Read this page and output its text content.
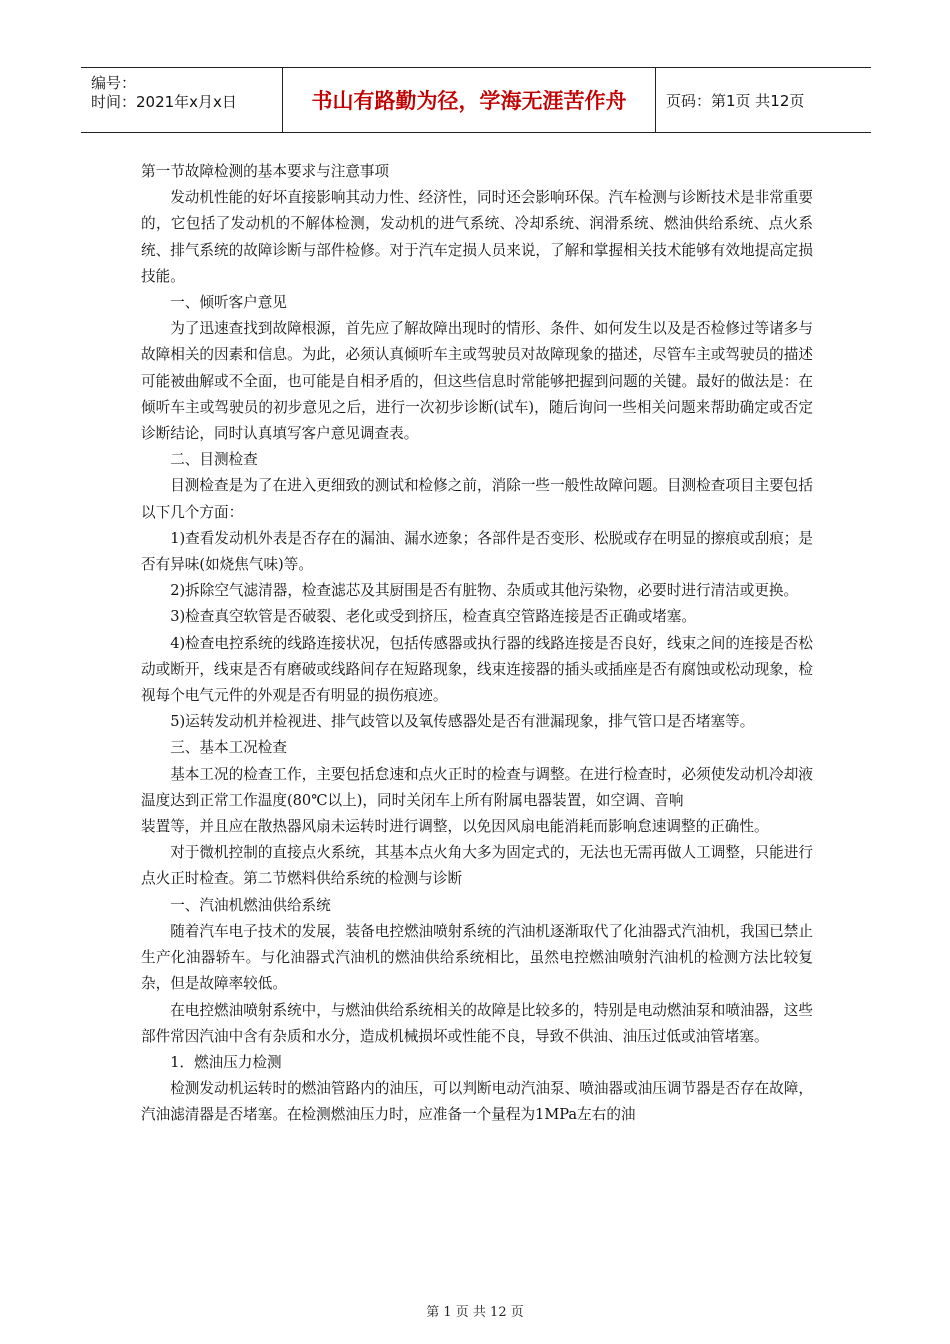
编号：
时间：2021年x月x日	书山有路勤为径，学海无涯苦作舟	页码：第1页 共12页

第一节故障检测的基本要求与注意事项

发动机性能的好坏直接影响其动力性、经济性，同时还会影响环保。汽车检测与诊断技术是非常重要的，它包括了发动机的不解体检测，发动机的进气系统、冷却系统、润滑系统、燃油供给系统、点火系统、排气系统的故障诊断与部件检修。对于汽车定损人员来说，了解和掌握相关技术能够有效地提高定损技能。

一、倾听客户意见

为了迅速查找到故障根源，首先应了解故障出现时的情形、条件、如何发生以及是否检修过等诸多与故障相关的因素和信息。为此，必须认真倾听车主或驾驶员对故障现象的描述，尽管车主或驾驶员的描述可能被曲解或不全面，也可能是自相矛盾的，但这些信息时常能够把握到问题的关键。最好的做法是：在倾听车主或驾驶员的初步意见之后，进行一次初步诊断(试车)，随后询问一些相关问题来帮助确定或否定诊断结论，同时认真填写客户意见调查表。

二、目测检查

目测检查是为了在进入更细致的测试和检修之前，消除一些一般性故障问题。目测检查项目主要包括以下几个方面：

1)查看发动机外表是否存在的漏油、漏水迹象；各部件是否变形、松脱或存在明显的擦痕或刮痕；是否有异味(如烧焦气味)等。

2)拆除空气滤清器，检查滤芯及其厨围是否有脏物、杂质或其他污染物，必要时进行清洁或更换。

3)检查真空软管是否破裂、老化或受到挤压，检查真空管路连接是否正确或堵塞。

4)检查电控系统的线路连接状况，包括传感器或执行器的线路连接是否良好，线束之间的连接是否松动或断开，线束是否有磨破或线路间存在短路现象，线束连接器的插头或插座是否有腐蚀或松动现象，检视每个电气元件的外观是否有明显的损伤痕迹。

5)运转发动机并检视进、排气歧管以及氧传感器处是否有泄漏现象，排气管口是否堵塞等。

三、基本工况检查

基本工况的检查工作，主要包括怠速和点火正时的检查与调整。在进行检查时，必须使发动机冷却液温度达到正常工作温度(80℃以上)，同时关闭车上所有附属电器装置，如空调、音响

装置等，并且应在散热器风扇未运转时进行调整，以免因风扇电能消耗而影响怠速调整的正确性。

对于微机控制的直接点火系统，其基本点火角大多为固定式的，无法也无需再做人工调整，只能进行点火正时检查。第二节燃料供给系统的检测与诊断

一、汽油机燃油供给系统

随着汽车电子技术的发展，装备电控燃油喷射系统的汽油机逐渐取代了化油器式汽油机，我国已禁止生产化油器轿车。与化油器式汽油机的燃油供给系统相比，虽然电控燃油喷射汽油机的检测方法比较复杂，但是故障率较低。

在电控燃油喷射系统中，与燃油供给系统相关的故障是比较多的，特别是电动燃油泵和喷油器，这些部件常因汽油中含有杂质和水分，造成机械损坏或性能不良，导致不供油、油压过低或油管堵塞。

1．燃油压力检测

检测发动机运转时的燃油管路内的油压，可以判断电动汽油泵、喷油器或油压调节器是否存在故障，汽油滤清器是否堵塞。在检测燃油压力时，应准备一个量程为1MPa左右的油

第 1 页 共 12 页
